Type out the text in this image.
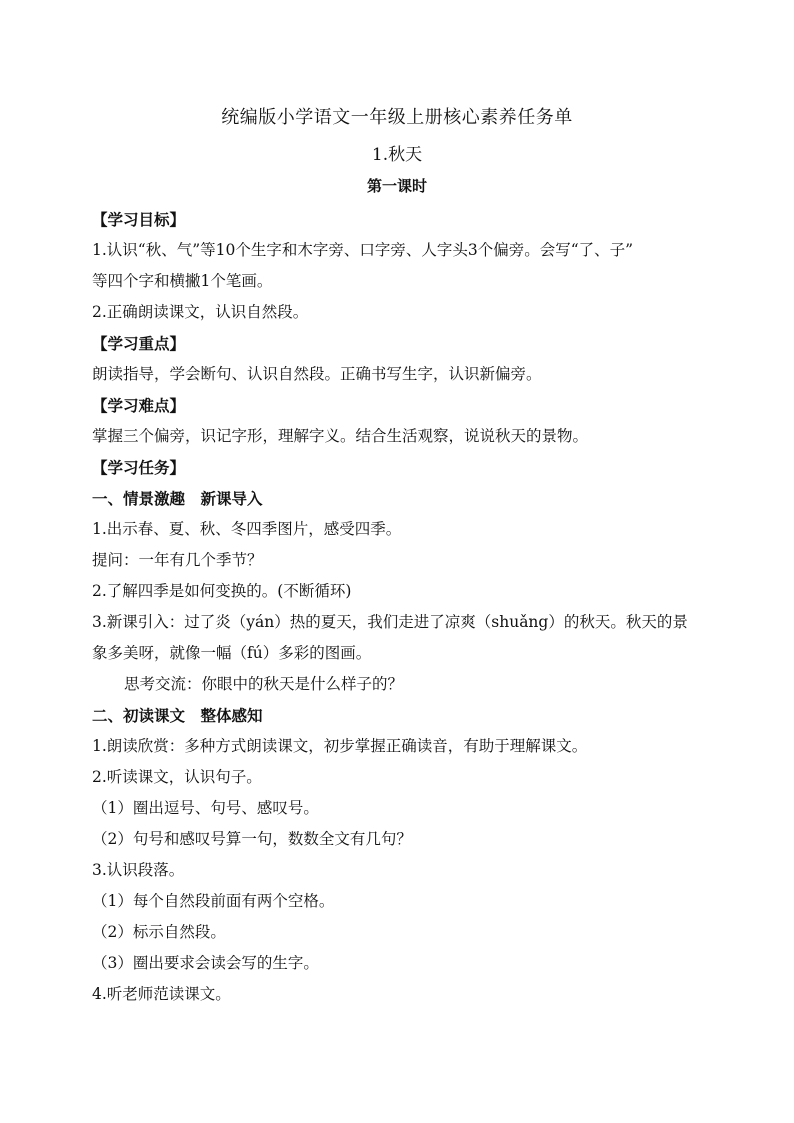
统编版小学语文一年级上册核心素养任务单

1.秋天

第一课时

【学习目标】

1.认识“秋、气”等10个生字和木字旁、口字旁、人字头3个偏旁。会写“了、子”

等四个字和横撇1个笔画。

2.正确朗读课文，认识自然段。

【学习重点】

朗读指导，学会断句、认识自然段。正确书写生字，认识新偏旁。

【学习难点】

掌握三个偏旁，识记字形，理解字义。结合生活观察，说说秋天的景物。

【学习任务】

一、情景激趣　新课导入

1.出示春、夏、秋、冬四季图片，感受四季。

提问：一年有几个季节？

2.了解四季是如何变换的。(不断循环)

3.新课引入：过了炎（yán）热的夏天，我们走进了凉爽（shuǎng）的秋天。秋天的景

象多美呀，就像一幅（fú）多彩的图画。

思考交流：你眼中的秋天是什么样子的？

二、初读课文　整体感知

1.朗读欣赏：多种方式朗读课文，初步掌握正确读音，有助于理解课文。

2.听读课文，认识句子。

（1）圈出逗号、句号、感叹号。

（2）句号和感叹号算一句，数数全文有几句？

3.认识段落。

（1）每个自然段前面有两个空格。

（2）标示自然段。

（3）圈出要求会读会写的生字。

4.听老师范读课文。
